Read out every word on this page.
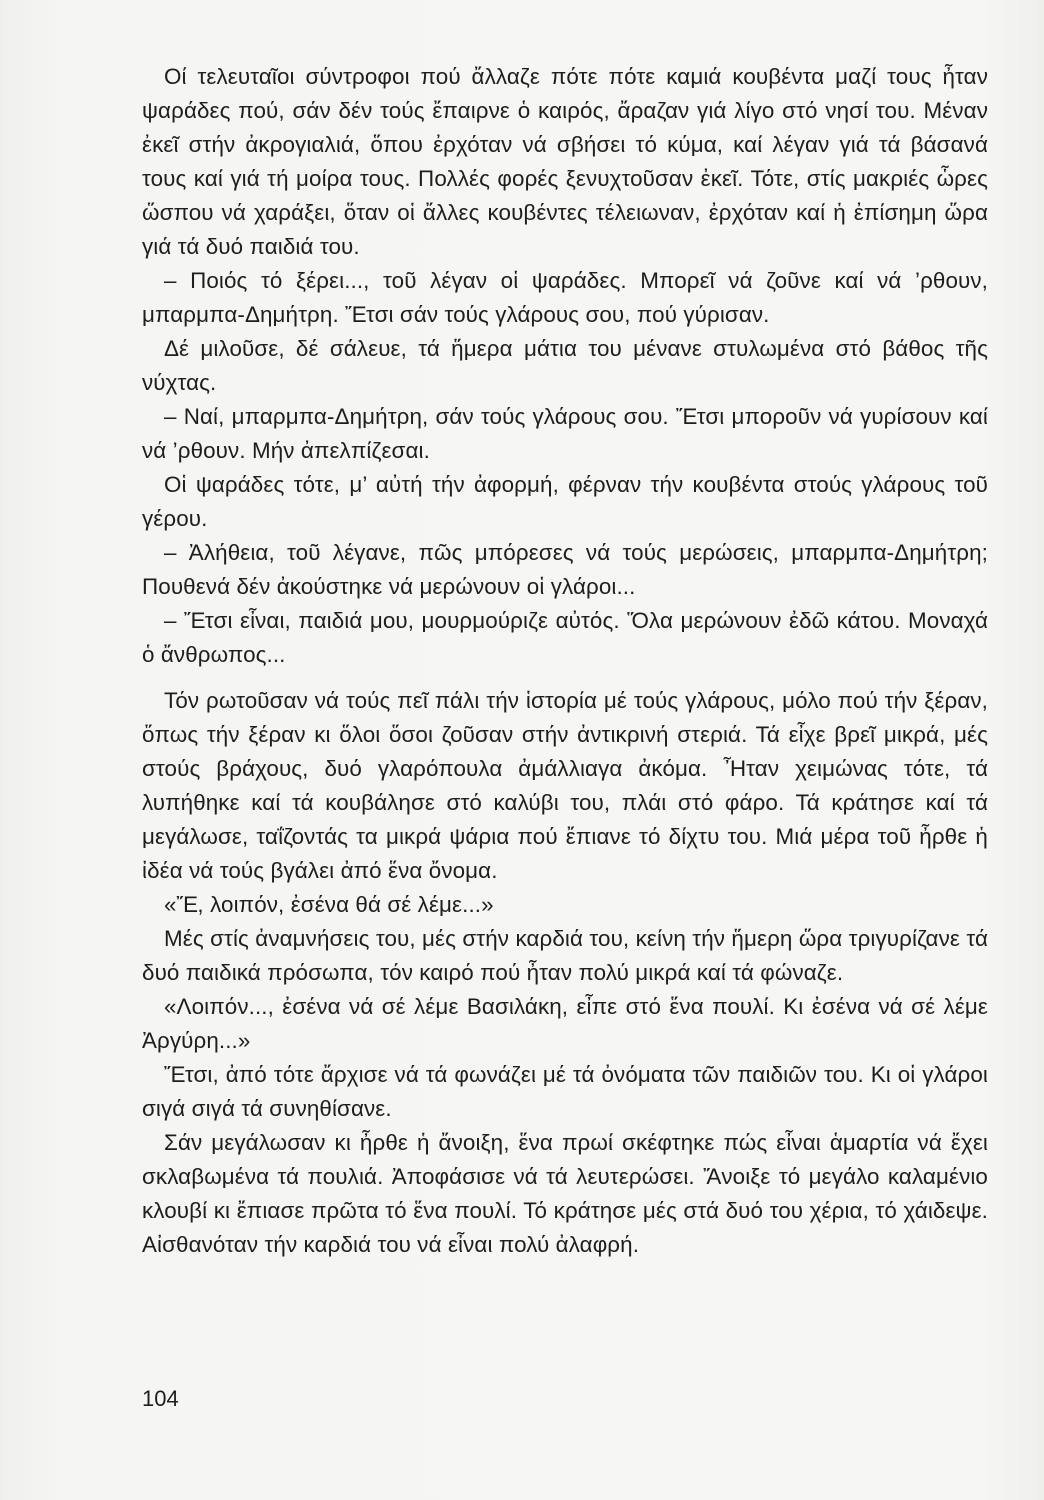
Οί τελευταῖοι σύντροφοι πού ἄλλαζε πότε πότε καμιά κουβέντα μαζί τους ἦταν ψαράδες πού, σάν δέν τούς ἔπαιρνε ὁ καιρός, ἄραζαν γιά λίγο στό νησί του. Μέναν ἐκεῖ στήν ἀκρογιαλιά, ὅπου ἐρχόταν νά σβήσει τό κύμα, καί λέγαν γιά τά βάσανά τους καί γιά τή μοίρα τους. Πολλές φορές ξενυχτοῦσαν ἐκεῖ. Τότε, στίς μακριές ὧρες ὥσπου νά χαράξει, ὅταν οἱ ἄλλες κουβέντες τέλειωναν, ἐρχόταν καί ἡ ἐπίσημη ὥρα γιά τά δυό παιδιά του.

– Ποιός τό ξέρει..., τοῦ λέγαν οἱ ψαράδες. Μπορεῖ νά ζοῦνε καί νά ’ρθουν, μπαρμπα-Δημήτρη. Ἔτσι σάν τούς γλάρους σου, πού γύρισαν.

Δέ μιλοῦσε, δέ σάλευε, τά ἥμερα μάτια του μένανε στυλωμένα στό βάθος τῆς νύχτας.

– Ναί, μπαρμπα-Δημήτρη, σάν τούς γλάρους σου. Ἔτσι μποροῦν νά γυρίσουν καί νά ’ρθουν. Μήν ἀπελπίζεσαι.

Οἱ ψαράδες τότε, μ’ αὐτή τήν ἀφορμή, φέρναν τήν κουβέντα στούς γλάρους τοῦ γέρου.

– Ἀλήθεια, τοῦ λέγανε, πῶς μπόρεσες νά τούς μερώσεις, μπαρμπα-Δημήτρη; Πουθενά δέν ἀκούστηκε νά μερώνουν οἱ γλάροι...

– Ἔτσι εἶναι, παιδιά μου, μουρμούριζε αὐτός. Ὅλα μερώνουν ἐδῶ κάτου. Μοναχά ὁ ἄνθρωπος...

Τόν ρωτοῦσαν νά τούς πεῖ πάλι τήν ἱστορία μέ τούς γλάρους, μόλο πού τήν ξέραν, ὅπως τήν ξέραν κι ὅλοι ὅσοι ζοῦσαν στήν ἀντικρινή στεριά. Τά εἶχε βρεῖ μικρά, μές στούς βράχους, δυό γλαρόπουλα ἀμάλλιαγα ἀκόμα. Ἦταν χειμώνας τότε, τά λυπήθηκε καί τά κουβάλησε στό καλύβι του, πλάι στό φάρο. Τά κράτησε καί τά μεγάλωσε, ταΐζοντάς τα μικρά ψάρια πού ἔπιανε τό δίχτυ του. Μιά μέρα τοῦ ἦρθε ἡ ἰδέα νά τούς βγάλει ἀπό ἕνα ὄνομα.

«Ἔ, λοιπόν, ἐσένα θά σέ λέμε...»

Μές στίς ἀναμνήσεις του, μές στήν καρδιά του, κείνη τήν ἥμερη ὥρα τριγυρίζανε τά δυό παιδικά πρόσωπα, τόν καιρό πού ἦταν πολύ μικρά καί τά φώναζε.

«Λοιπόν..., ἐσένα νά σέ λέμε Βασιλάκη, εἶπε στό ἕνα πουλί. Κι ἐσένα νά σέ λέμε Ἀργύρη...»

Ἔτσι, ἀπό τότε ἄρχισε νά τά φωνάζει μέ τά ὀνόματα τῶν παιδιῶν του. Κι οἱ γλάροι σιγά σιγά τά συνηθίσανε.

Σάν μεγάλωσαν κι ἦρθε ἡ ἄνοιξη, ἕνα πρωί σκέφτηκε πώς εἶναι ἁμαρτία νά ἔχει σκλαβωμένα τά πουλιά. Ἀποφάσισε νά τά λευτερώσει. Ἄνοιξε τό μεγάλο καλαμένιο κλουβί κι ἔπιασε πρῶτα τό ἕνα πουλί. Τό κράτησε μές στά δυό του χέρια, τό χάιδεψε. Αἰσθανόταν τήν καρδιά του νά εἶναι πολύ ἀλαφρή.

104
